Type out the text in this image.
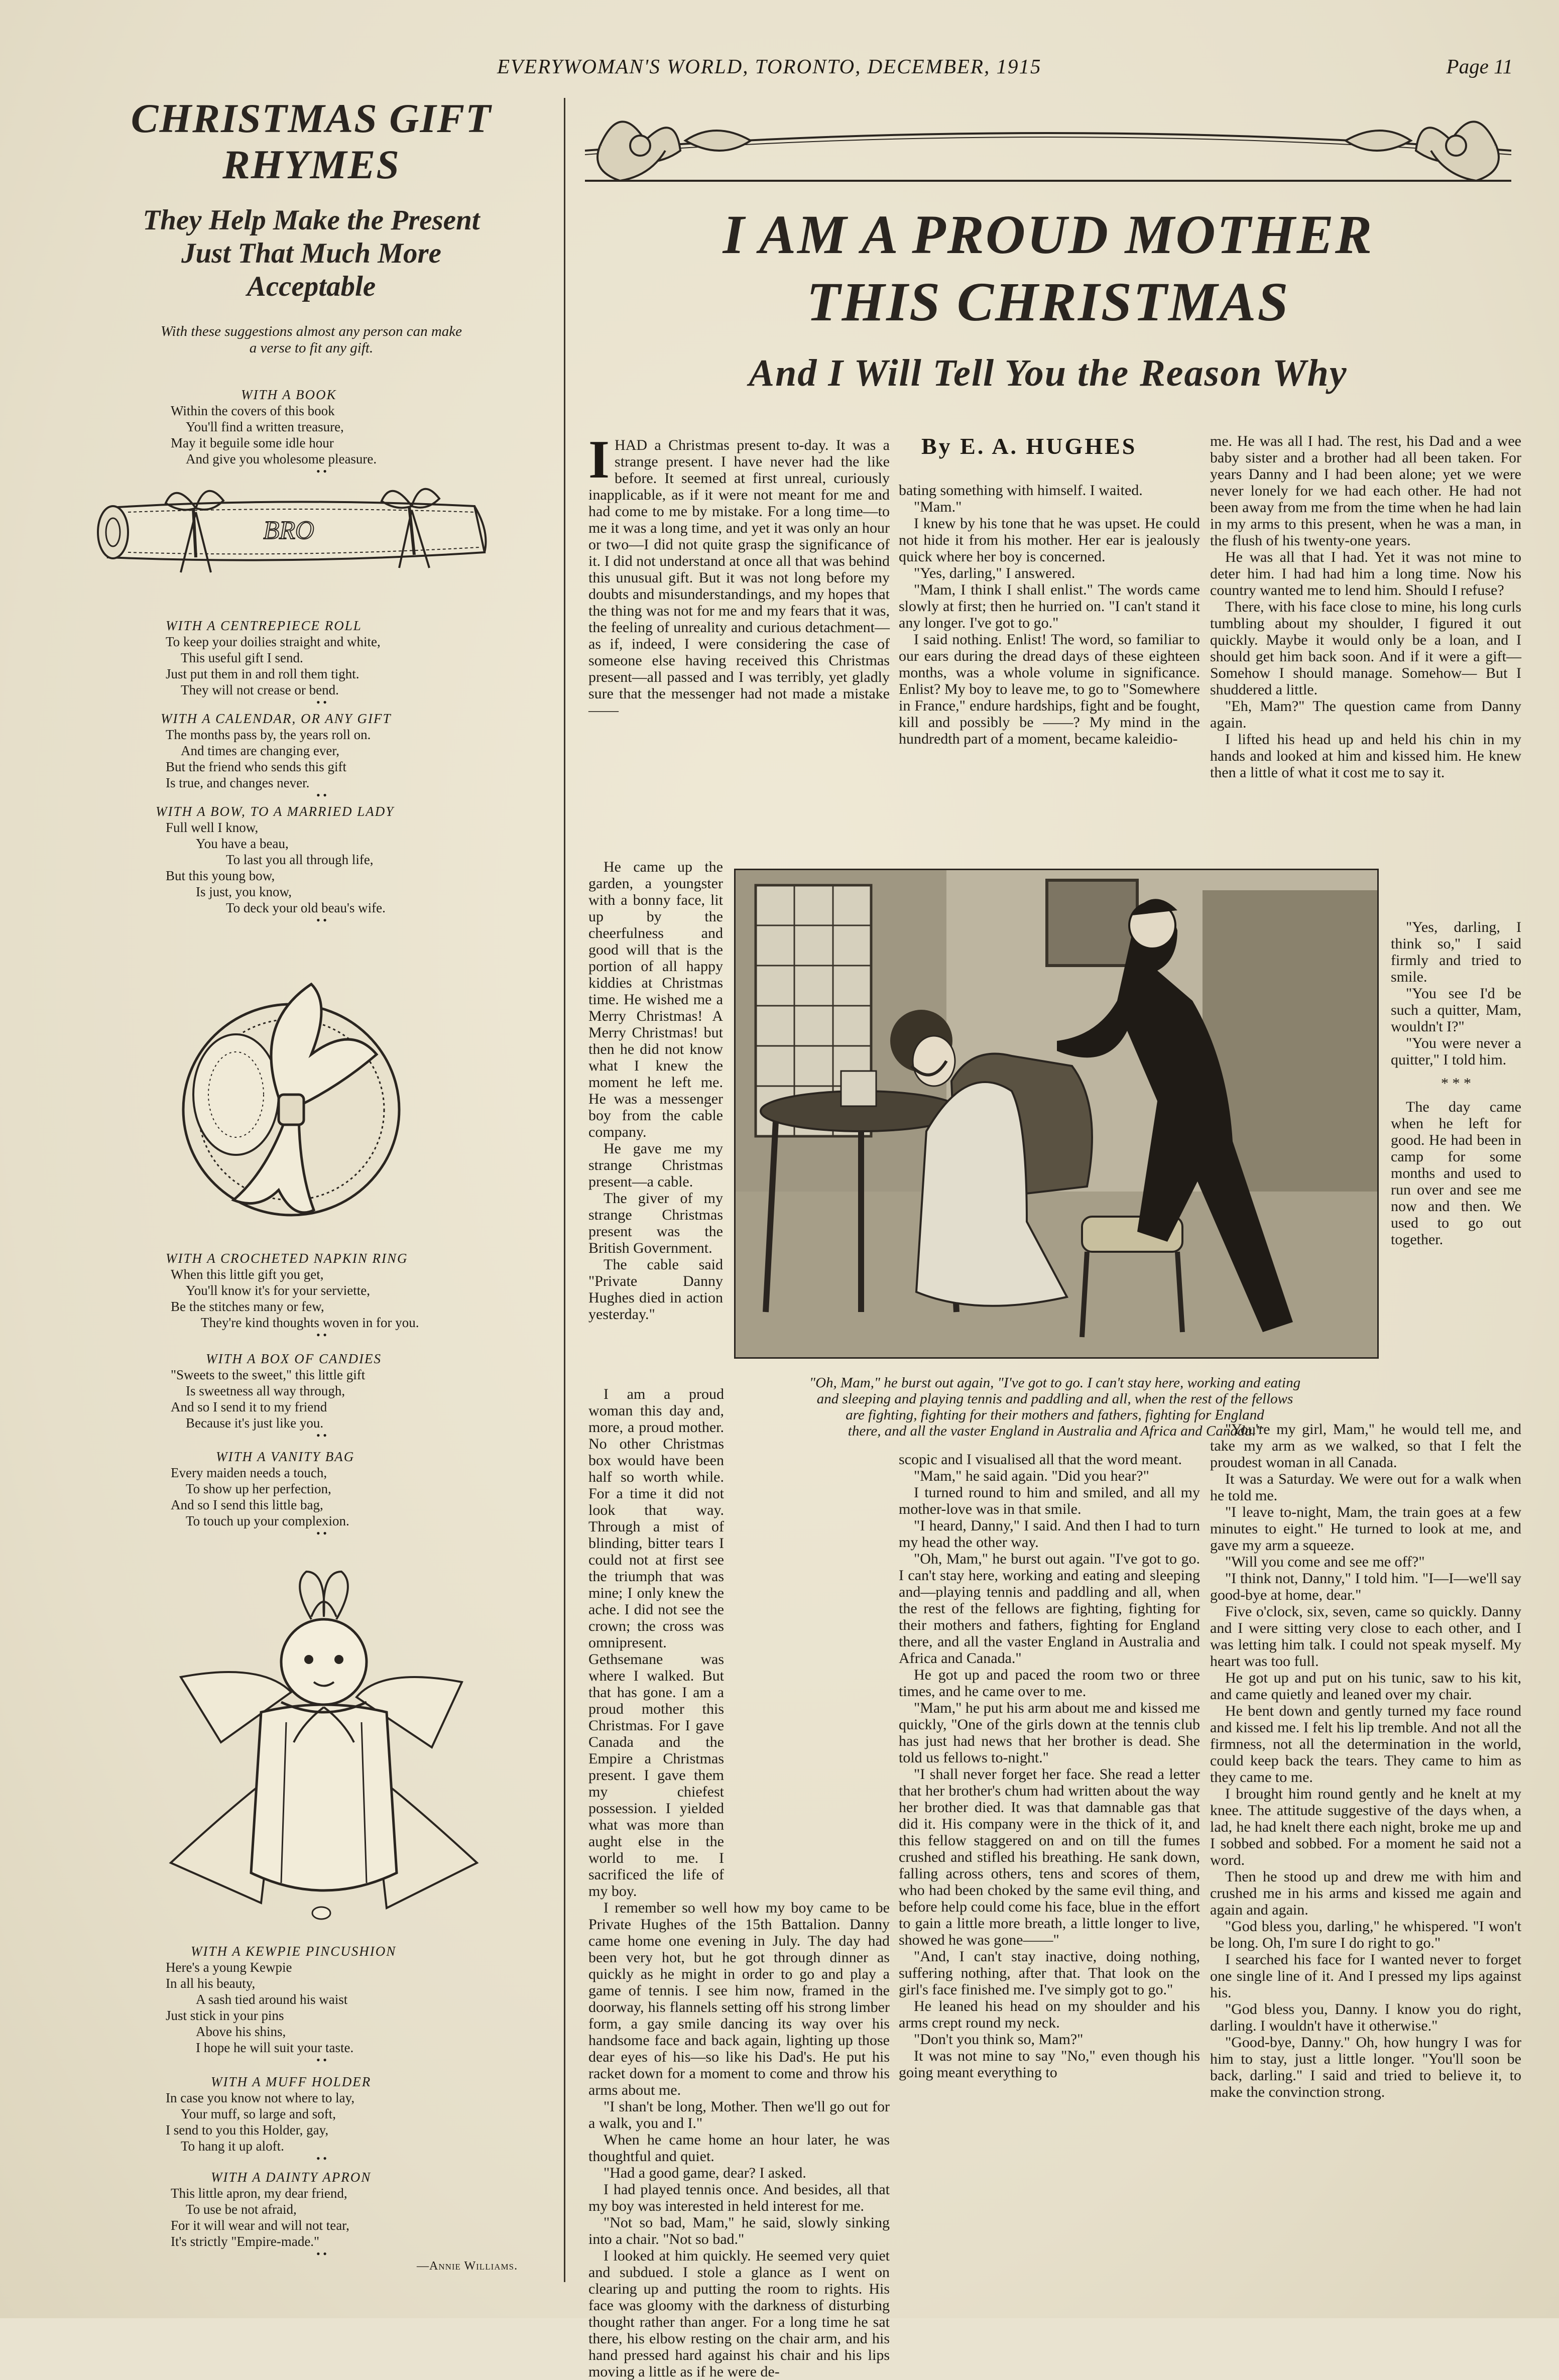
EVERYWOMAN'S WORLD, TORONTO, DECEMBER, 1915	Page 11
CHRISTMAS GIFT
RHYMES
They Help Make the Present
Just That Much More
Acceptable
With these suggestions almost any person can make
a verse to fit any gift.
WITH A BOOK
Within the covers of this book
You'll find a written treasure,
May it beguile some idle hour
And give you wholesome pleasure.
• •
WITH A CENTREPIECE ROLL
To keep your doilies straight and white,
This useful gift I send.
Just put them in and roll them tight.
They will not crease or bend.
• •
WITH A CALENDAR, OR ANY GIFT
The months pass by, the years roll on.
And times are changing ever,
But the friend who sends this gift
Is true, and changes never.
• •
WITH A BOW, TO A MARRIED LADY
Full well I know,
You have a beau,
To last you all through life,
But this young bow,
Is just, you know,
To deck your old beau's wife.
• •
WITH A CROCHETED NAPKIN RING
When this little gift you get,
You'll know it's for your serviette,
Be the stitches many or few,
They're kind thoughts woven in for you.
• •
WITH A BOX OF CANDIES
"Sweets to the sweet," this little gift
Is sweetness all way through,
And so I send it to my friend
Because it's just like you.
• •
WITH A VANITY BAG
Every maiden needs a touch,
To show up her perfection,
And so I send this little bag,
To touch up your complexion.
• •
WITH A KEWPIE PINCUSHION
Here's a young Kewpie
In all his beauty,
A sash tied around his waist
Just stick in your pins
Above his shins,
I hope he will suit your taste.
• •
WITH A MUFF HOLDER
In case you know not where to lay,
Your muff, so large and soft,
I send to you this Holder, gay,
To hang it up aloft.
• •
WITH A DAINTY APRON
This little apron, my dear friend,
To use be not afraid,
For it will wear and will not tear,
It's strictly "Empire-made."
• •
BRO
—Annie Williams.
I AM A PROUD MOTHER
THIS CHRISTMAS
And I Will Tell You the Reason Why
By E. A. HUGHES

IHAD a Christmas present to-day. It was a strange present. I have never had the like before. It seemed at first unreal, curiously inapplicable, as if it were not meant for me and had come to me by mistake. For a long time—to me it was a long time, and yet it was only an hour or two—I did not quite grasp the significance of it. I did not understand at once all that was behind this unusual gift. But it was not long before my doubts and misunderstandings, and my hopes that the thing was not for me and my fears that it was, the feeling of unreality and curious detachment—as if, indeed, I were considering the case of someone else having received this Christmas present—all passed and I was terribly, yet gladly sure that the messenger had not made a mistake——

He came up the garden, a youngster with a bonny face, lit up by the cheerfulness and good will that is the portion of all happy kiddies at Christmas time. He wished me a Merry Christmas! A Merry Christmas! but then he did not know what I knew the moment he left me. He was a messenger boy from the cable company.

He gave me my strange Christmas present—a cable.

The giver of my strange Christmas present was the British Government.

The cable said "Private Danny Hughes died in action yesterday."

I am a proud woman this day and, more, a proud mother. No other Christmas box would have been half so worth while. For a time it did not look that way. Through a mist of blinding, bitter tears I could not at first see the triumph that was mine; I only knew the ache. I did not see the crown; the cross was omnipresent. Gethsemane was where I walked. But that has gone. I am a proud mother this Christmas. For I gave Canada and the Empire a Christmas present. I gave them my chiefest possession. I yielded what was more than aught else in the world to me. I sacrificed the life of my boy.

I remember so well how my boy came to be Private Hughes of the 15th Battalion. Danny came home one evening in July. The day had been very hot, but he got through dinner as quickly as he might in order to go and play a game of tennis. I see him now, framed in the doorway, his flannels setting off his strong limber form, a gay smile dancing its way over his handsome face and back again, lighting up those dear eyes of his—so like his Dad's. He put his racket down for a moment to come and throw his arms about me.

"I shan't be long, Mother. Then we'll go out for a walk, you and I."

When he came home an hour later, he was thoughtful and quiet.

"Had a good game, dear? I asked.

I had played tennis once. And besides, all that my boy was interested in held interest for me.

"Not so bad, Mam," he said, slowly sinking into a chair. "Not so bad."

I looked at him quickly. He seemed very quiet and subdued. I stole a glance as I went on clearing up and putting the room to rights. His face was gloomy with the darkness of disturbing thought rather than anger. For a long time he sat there, his elbow resting on the chair arm, and his hand pressed hard against his chair and his lips moving a little as if he were de-

bating something with himself. I waited.

"Mam."

I knew by his tone that he was upset. He could not hide it from his mother. Her ear is jealously quick where her boy is concerned.

"Yes, darling," I answered.

"Mam, I think I shall enlist." The words came slowly at first; then he hurried on. "I can't stand it any longer. I've got to go."

I said nothing. Enlist! The word, so familiar to our ears during the dread days of these eighteen months, was a whole volume in significance. Enlist? My boy to leave me, to go to "Somewhere in France," endure hardships, fight and be fought, kill and possibly be ——? My mind in the hundredth part of a moment, became kaleidio-

scopic and I visualised all that the word meant.

"Mam," he said again. "Did you hear?"

I turned round to him and smiled, and all my mother-love was in that smile.

"I heard, Danny," I said. And then I had to turn my head the other way.

"Oh, Mam," he burst out again. "I've got to go. I can't stay here, working and eating and sleeping and—playing tennis and paddling and all, when the rest of the fellows are fighting, fighting for their mothers and fathers, fighting for England there, and all the vaster England in Australia and Africa and Canada."

He got up and paced the room two or three times, and he came over to me.

"Mam," he put his arm about me and kissed me quickly, "One of the girls down at the tennis club has just had news that her brother is dead. She told us fellows to-night."

"I shall never forget her face. She read a letter that her brother's chum had written about the way her brother died. It was that damnable gas that did it. His company were in the thick of it, and this fellow staggered on and on till the fumes crushed and stifled his breathing. He sank down, falling across others, tens and scores of them, who had been choked by the same evil thing, and before help could come his face, blue in the effort to gain a little more breath, a little longer to live, showed he was gone——"

"And, I can't stay inactive, doing nothing, suffering nothing, after that. That look on the girl's face finished me. I've simply got to go."

He leaned his head on my shoulder and his arms crept round my neck.

"Don't you think so, Mam?"

It was not mine to say "No," even though his going meant everything to

me. He was all I had. The rest, his Dad and a wee baby sister and a brother had all been taken. For years Danny and I had been alone; yet we were never lonely for we had each other. He had not been away from me from the time when he had lain in my arms to this present, when he was a man, in the flush of his twenty-one years.

He was all that I had. Yet it was not mine to deter him. I had had him a long time. Now his country wanted me to lend him. Should I refuse?

There, with his face close to mine, his long curls tumbling about my shoulder, I figured it out quickly. Maybe it would only be a loan, and I should get him back soon. And if it were a gift— Somehow I should manage. Somehow— But I shuddered a little.

"Eh, Mam?" The question came from Danny again.

I lifted his head up and held his chin in my hands and looked at him and kissed him. He knew then a little of what it cost me to say it.

"Yes, darling, I think so," I said firmly and tried to smile.

"You see I'd be such a quitter, Mam, wouldn't I?"

"You were never a quitter," I told him.

* * *

The day came when he left for good. He had been in camp for some months and used to run over and see me now and then. We used to go out together.

"You're my girl, Mam," he would tell me, and take my arm as we walked, so that I felt the proudest woman in all Canada.

It was a Saturday. We were out for a walk when he told me.

"I leave to-night, Mam, the train goes at a few minutes to eight." He turned to look at me, and gave my arm a squeeze.

"Will you come and see me off?"

"I think not, Danny," I told him. "I—I—we'll say good-bye at home, dear."

Five o'clock, six, seven, came so quickly. Danny and I were sitting very close to each other, and I was letting him talk. I could not speak myself. My heart was too full.

He got up and put on his tunic, saw to his kit, and came quietly and leaned over my chair.

He bent down and gently turned my face round and kissed me. I felt his lip tremble. And not all the firmness, not all the determination in the world, could keep back the tears. They came to him as they came to me.

I brought him round gently and he knelt at my knee. The attitude suggestive of the days when, a lad, he had knelt there each night, broke me up and I sobbed and sobbed. For a moment he said not a word.

Then he stood up and drew me with him and crushed me in his arms and kissed me again and again and again.

"God bless you, darling," he whispered. "I won't be long. Oh, I'm sure I do right to go."

I searched his face for I wanted never to forget one single line of it. And I pressed my lips against his.

"God bless you, Danny. I know you do right, darling. I wouldn't have it otherwise."

"Good-bye, Danny." Oh, how hungry I was for him to stay, just a little longer. "You'll soon be back, darling." I said and tried to believe it, to make the convinction strong.

"Oh, Mam," he burst out again, "I've got to go. I can't stay here, working and eating
and sleeping and playing tennis and paddling and all, when the rest of the fellows
are fighting, fighting for their mothers and fathers, fighting for England
there, and all the vaster England in Australia and Africa and Canada."
